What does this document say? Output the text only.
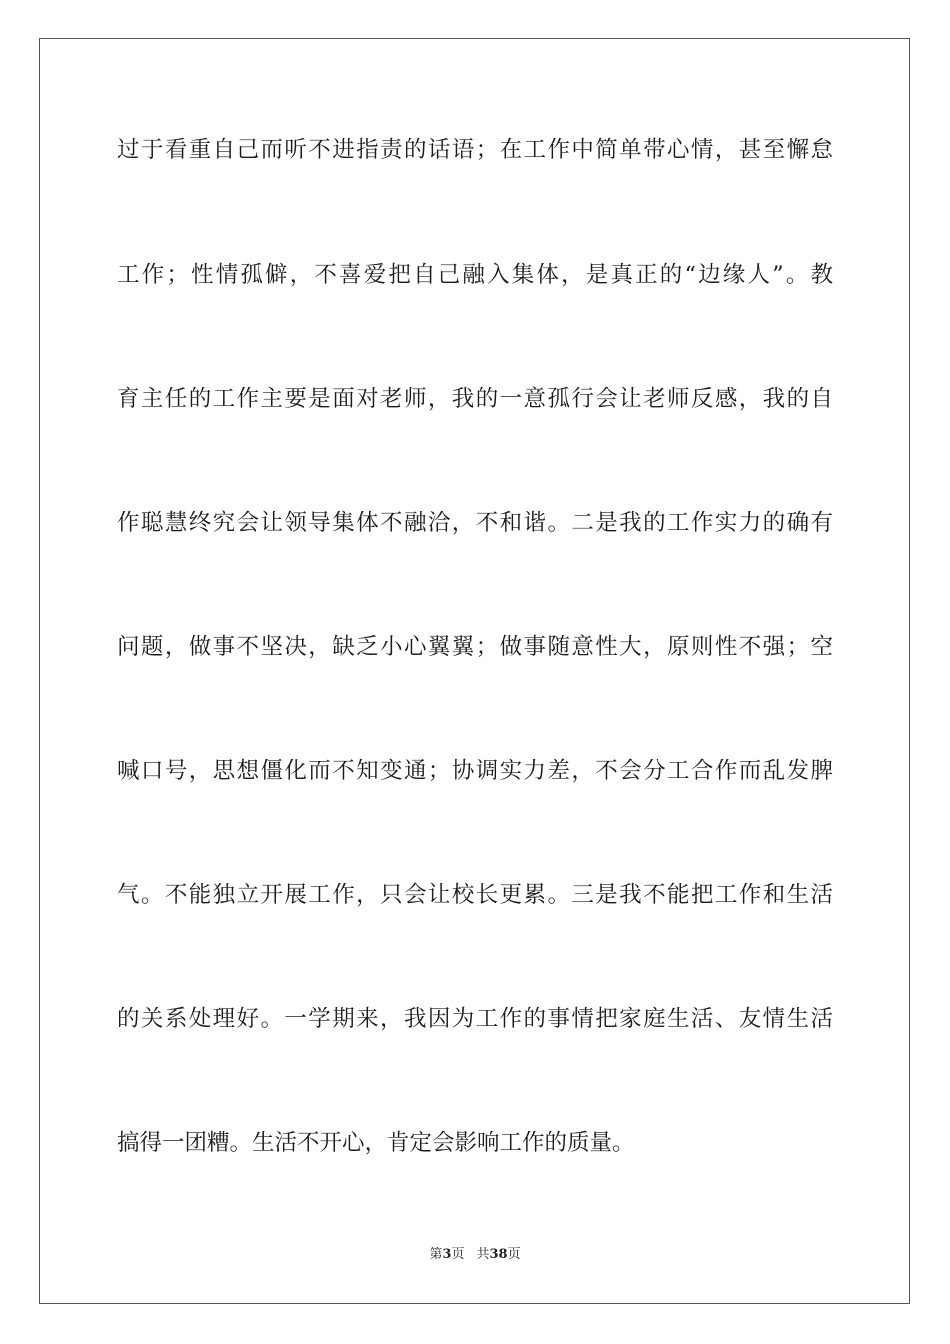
过于看重自己而听不进指责的话语；在工作中简单带心情，甚至懈怠
工作；性情孤僻，不喜爱把自己融入集体，是真正的“边缘人”。教
育主任的工作主要是面对老师，我的一意孤行会让老师反感，我的自
作聪慧终究会让领导集体不融洽，不和谐。二是我的工作实力的确有
问题，做事不坚决，缺乏小心翼翼；做事随意性大，原则性不强；空
喊口号，思想僵化而不知变通；协调实力差，不会分工合作而乱发脾
气。不能独立开展工作，只会让校长更累。三是我不能把工作和生活
的关系处理好。一学期来，我因为工作的事情把家庭生活、友情生活
搞得一团糟。生活不开心，肯定会影响工作的质量。
第3页 共38页
